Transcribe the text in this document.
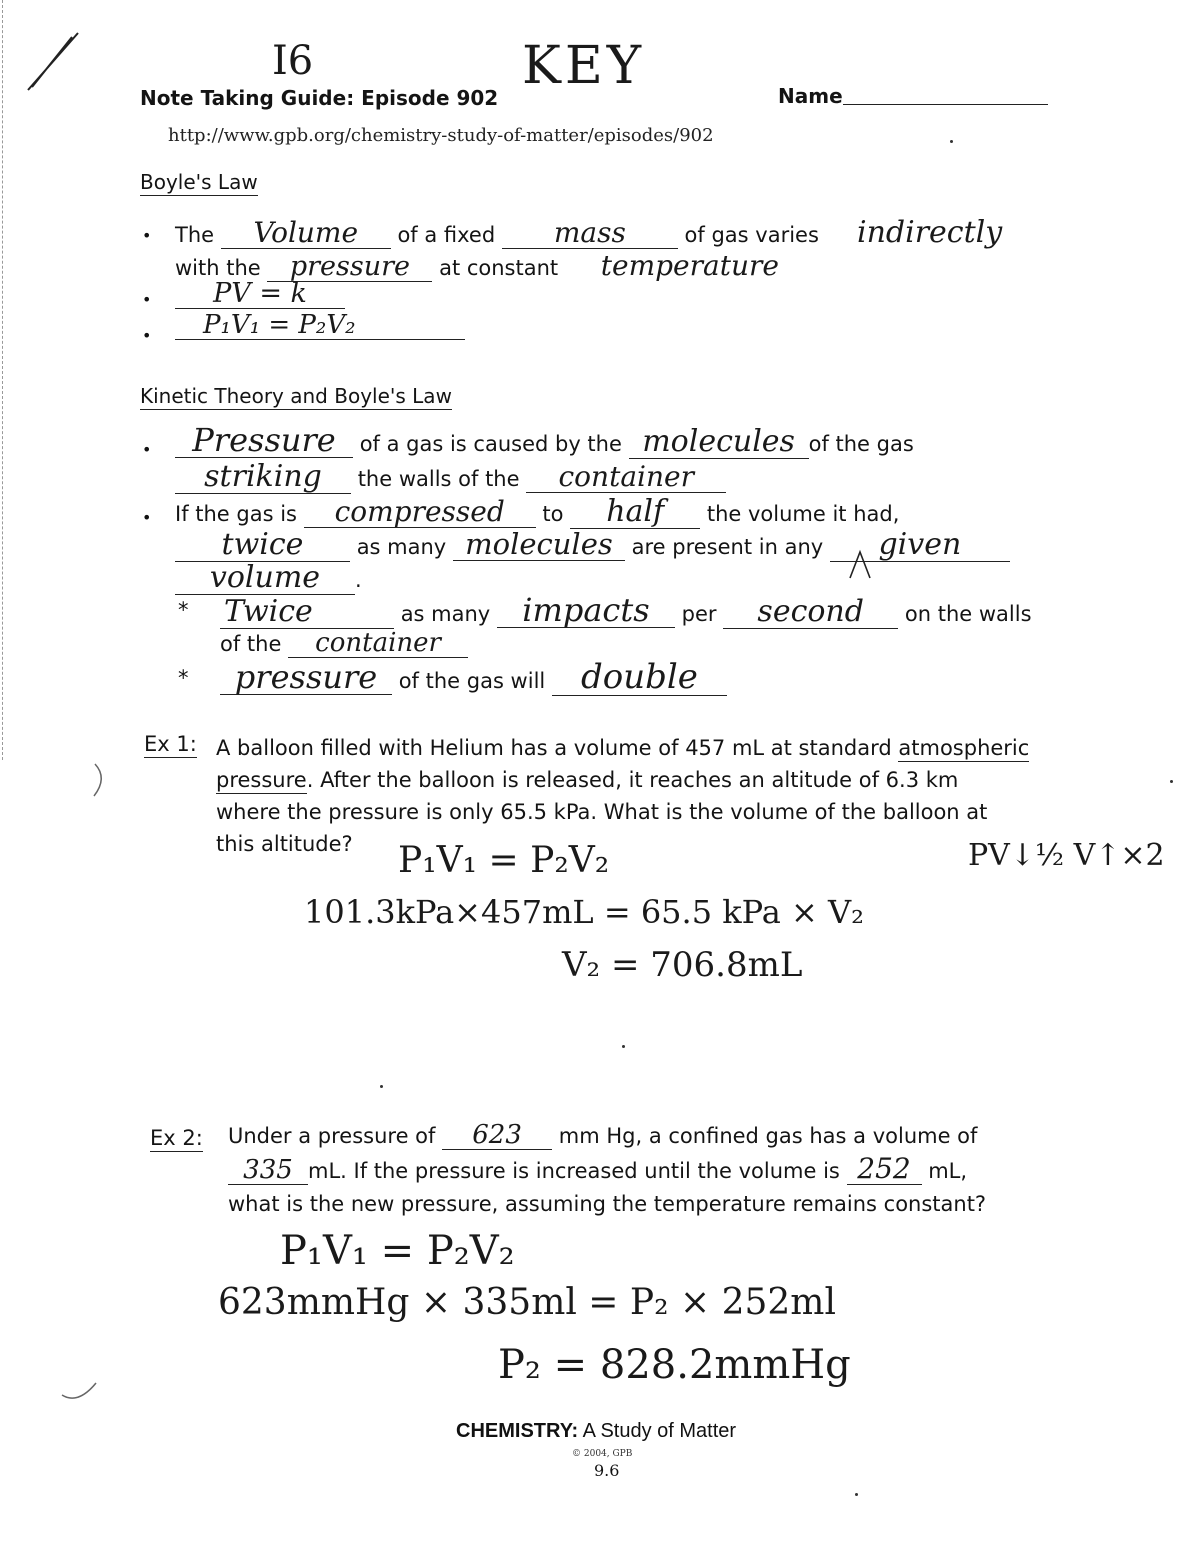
I6	KEY
Note Taking Guide: Episode 902	Name
http://www.gpb.org/chemistry-study-of-matter/episodes/902
Boyle's Law
• The Volume of a fixed mass	of gas varies indirectly
with the pressure at constant temperature
•	PV = k
•	P₁V₁ = P₂V₂
Kinetic Theory and Boyle's Law
•	Pressure of a gas is caused by the molecules of the gas
striking the walls of the container
• If the gas is compressed to half the volume it had,
twice	as many molecules are present in any given
volume .
* Twice	as many impacts per second on the walls
of the container
*	pressure of the gas will double
Ex 1: A balloon filled with Helium has a volume of 457 mL at standard atmospheric
pressure. After the balloon is released, it reaches an altitude of 6.3 km
where the pressure is only 65.5 kPa. What is the volume of the balloon at
this altitude?	P₁V₁ = P₂V₂	PV↓½ V↑×2
101.3kPa×457mL = 65.5 kPa × V₂
V₂ = 706.8mL
Ex 2: Under a pressure of 623 mm Hg, a confined gas has a volume of
335 mL. If the pressure is increased until the volume is 252 mL,
what is the new pressure, assuming the temperature remains constant?
P₁V₁ = P₂V₂
623mmHg × 335ml = P₂ × 252ml
P₂ = 828.2mmHg
CHEMISTRY: A Study of Matter
© 2004, GPB
9.6
